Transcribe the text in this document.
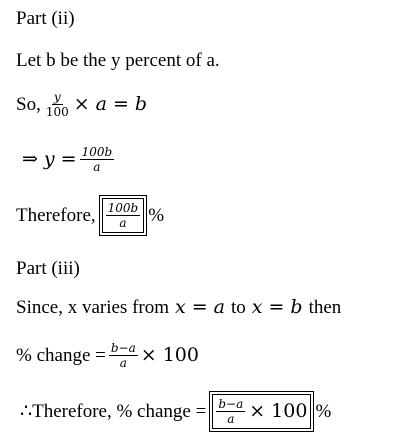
Part (ii)
Let b be the y percent of a.
So, $\frac{y}{100} \times a = b$
⇒ $y = \frac{100b}{a}$
Therefore, $\frac{100b}{a}$ %
Part (iii)
Since, x varies from x = a to x = b then
% change = $\frac{b-a}{a} \times 100$
∴Therefore, % change = $\frac{b-a}{a} \times 100$ %
